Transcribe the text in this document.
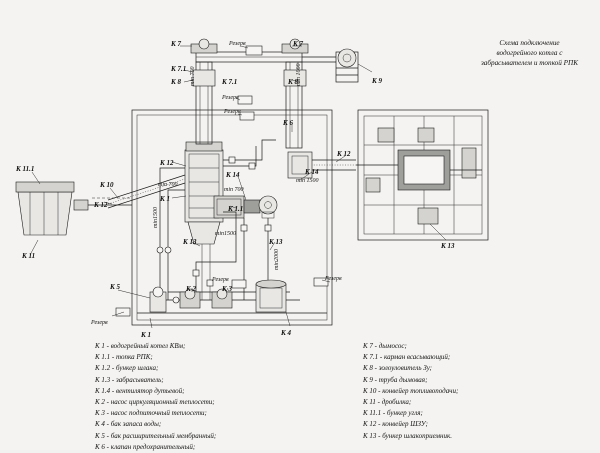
К 7	К 7
К 7.1
К 7.1
К 8	К 8	К 9
Резерв
Резерв
Резерв
min 700	min 1000
К 6
К 12
К 12
К 12
К 11.1
К 10
К 11
К 14	К 14
К 1
К 1.1
min 700
min 700
min 1500
min1500
min1500
min2000
К 13	К 13	К 13
Резерв	Резерв
К 5	К 2	К 3
Резерв
К 1	К 4
Схема подключение
водогрейного котла с
забрасывателем и топкой РПК
К 1 - водогрейный котел КВм;
К 1.1 - топка РПК;
К 1.2 - бункер шлака;
К 1.3 - забрасыватель;
К 1.4 - вентилятор дутьевой;
К 2 - насос циркуляционный теплосети;
К 3 - насос подпиточный теплосети;
К 4 - бак запаса воды;
К 5 - бак расширительный мембранный;
К 6 - клапан предохранительный;
К 7 - дымосос;
К 7.1 - карман всасывающий;
К 8 - золоуловитель Зу;
К 9 - труба дымовая;
К 10 - конвейер топливоподачи;
К 11 - дробилка;
К 11.1 - бункер угля;
К 12 - конвейер ШЗУ;
К 13 - бункер шлакоприемник.
